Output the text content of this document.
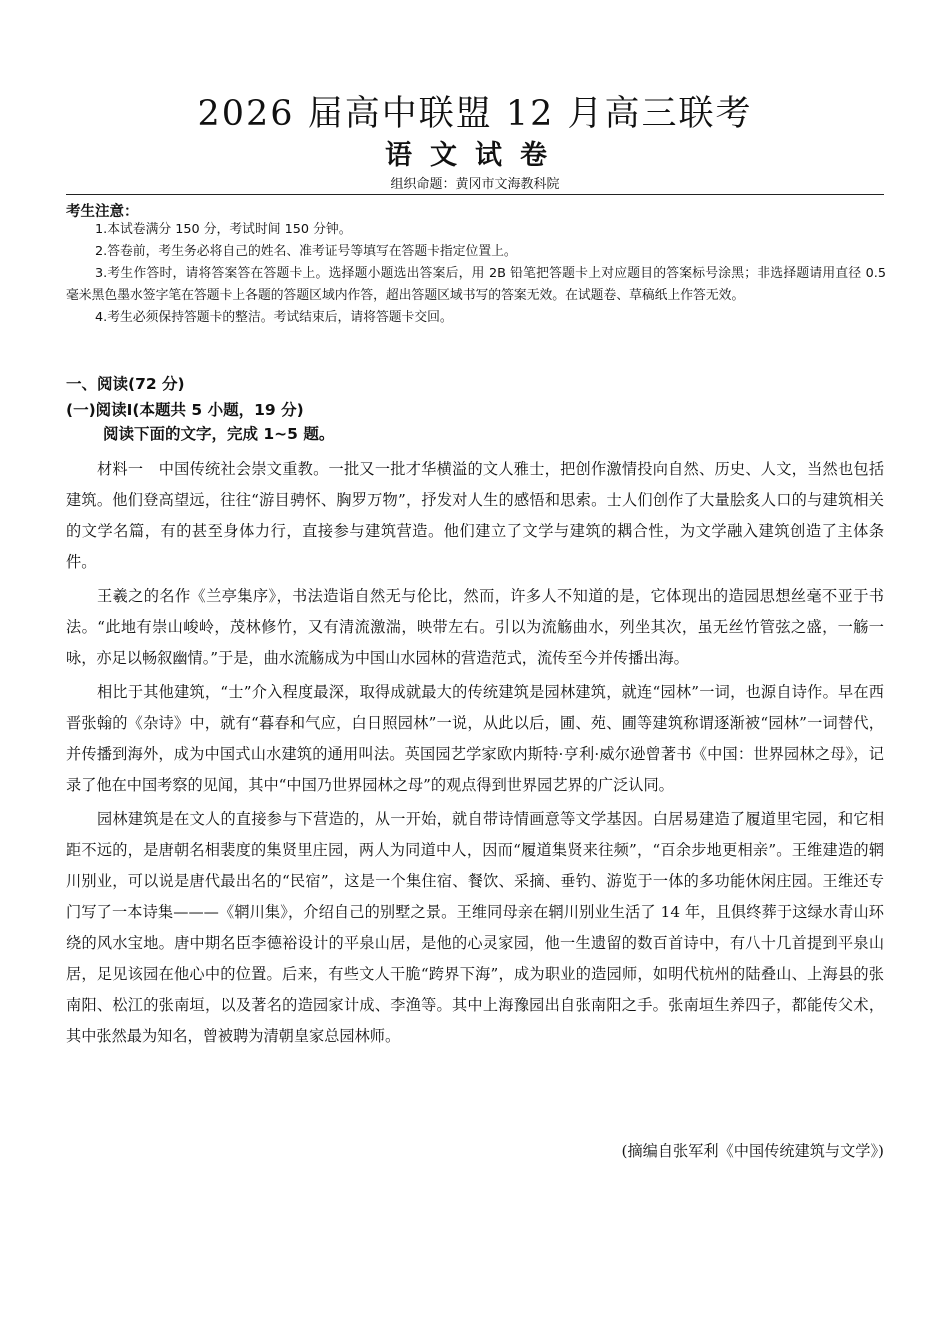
2026 届高中联盟 12 月高三联考
语文试卷
组织命题：黄冈市文海教科院
考生注意：
1.本试卷满分 150 分，考试时间 150 分钟。
2.答卷前，考生务必将自己的姓名、准考证号等填写在答题卡指定位置上。
3.考生作答时，请将答案答在答题卡上。选择题小题选出答案后，用 2B 铅笔把答题卡上对应题目的答案标号涂黑；非选择题请用直径 0.5 毫米黑色墨水签字笔在答题卡上各题的答题区域内作答，超出答题区域书写的答案无效。在试题卷、草稿纸上作答无效。
4.考生必须保持答题卡的整洁。考试结束后，请将答题卡交回。
一、阅读(72 分)
(一)阅读Ⅰ(本题共 5 小题，19 分)
阅读下面的文字，完成 1~5 题。

材料一　中国传统社会崇文重教。一批又一批才华横溢的文人雅士，把创作激情投向自然、历史、人文，当然也包括建筑。他们登高望远，往往“游目骋怀、胸罗万物”，抒发对人生的感悟和思索。士人们创作了大量脍炙人口的与建筑相关的文学名篇，有的甚至身体力行，直接参与建筑营造。他们建立了文学与建筑的耦合性，为文学融入建筑创造了主体条件。

王羲之的名作《兰亭集序》，书法造诣自然无与伦比，然而，许多人不知道的是，它体现出的造园思想丝毫不亚于书法。“此地有崇山峻岭，茂林修竹，又有清流激湍，映带左右。引以为流觞曲水，列坐其次，虽无丝竹管弦之盛，一觞一咏，亦足以畅叙幽情。”于是，曲水流觞成为中国山水园林的营造范式，流传至今并传播出海。

相比于其他建筑，“士”介入程度最深，取得成就最大的传统建筑是园林建筑，就连“园林”一词，也源自诗作。早在西晋张翰的《杂诗》中，就有“暮春和气应，白日照园林”一说，从此以后，圃、苑、圃等建筑称谓逐渐被“园林”一词替代，并传播到海外，成为中国式山水建筑的通用叫法。英国园艺学家欧内斯特·亨利·威尔逊曾著书《中国：世界园林之母》，记录了他在中国考察的见闻，其中“中国乃世界园林之母”的观点得到世界园艺界的广泛认同。

园林建筑是在文人的直接参与下营造的，从一开始，就自带诗情画意等文学基因。白居易建造了履道里宅园，和它相距不远的，是唐朝名相裴度的集贤里庄园，两人为同道中人，因而“履道集贤来往频”，“百余步地更相亲”。王维建造的辋川别业，可以说是唐代最出名的“民宿”，这是一个集住宿、餐饮、采摘、垂钓、游览于一体的多功能休闲庄园。王维还专门写了一本诗集———《辋川集》，介绍自己的别墅之景。王维同母亲在辋川别业生活了 14 年，且俱终葬于这绿水青山环绕的风水宝地。唐中期名臣李德裕设计的平泉山居，是他的心灵家园，他一生遗留的数百首诗中，有八十几首提到平泉山居，足见该园在他心中的位置。后来，有些文人干脆“跨界下海”，成为职业的造园师，如明代杭州的陆叠山、上海县的张南阳、松江的张南垣，以及著名的造园家计成、李渔等。其中上海豫园出自张南阳之手。张南垣生养四子，都能传父术，其中张然最为知名，曾被聘为清朝皇家总园林师。

(摘编自张军利《中国传统建筑与文学》)
